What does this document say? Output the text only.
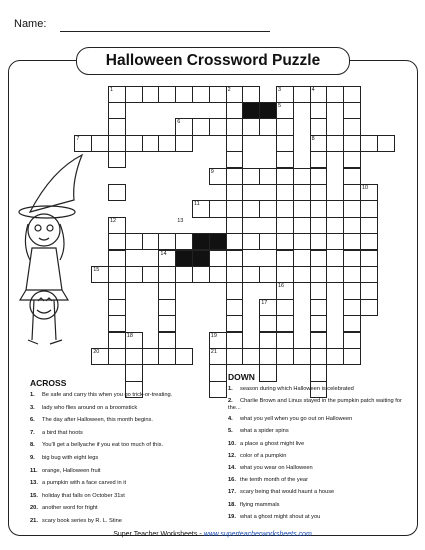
Name:
Halloween Crossword Puzzle
1	2	3	4
5
6
7	8
9
10
11
14
15
16
17
18	19
20	21
12	13
ACROSS
DOWN
1. Be safe and carry this when you go trick-or-treating.
3. lady who flies around on a broomstick
6. The day after Halloween, this month begins.
7. a bird that hoots
8. You'll get a bellyache if you eat too much of this.
9. big bug with eight legs
11. orange, Halloween fruit
13. a pumpkin with a face carved in it
15. holiday that falls on October 31st
20. another word for fright
21. scary book series by R. L. Stine
1. season during which Halloween is celebrated
2. Charlie Brown and Linus stayed in the pumpkin patch waiting for the...
4. what you yell when you go out on Halloween
5. what a spider spins
10. a place a ghost might live
12. color of a pumpkin
14. what you wear on Halloween
16. the tenth month of the year
17. scary being that would haunt a house
18. flying mammals
19. what a ghost might shout at you
Super Teacher Worksheets - www.superteacherworksheets.com
